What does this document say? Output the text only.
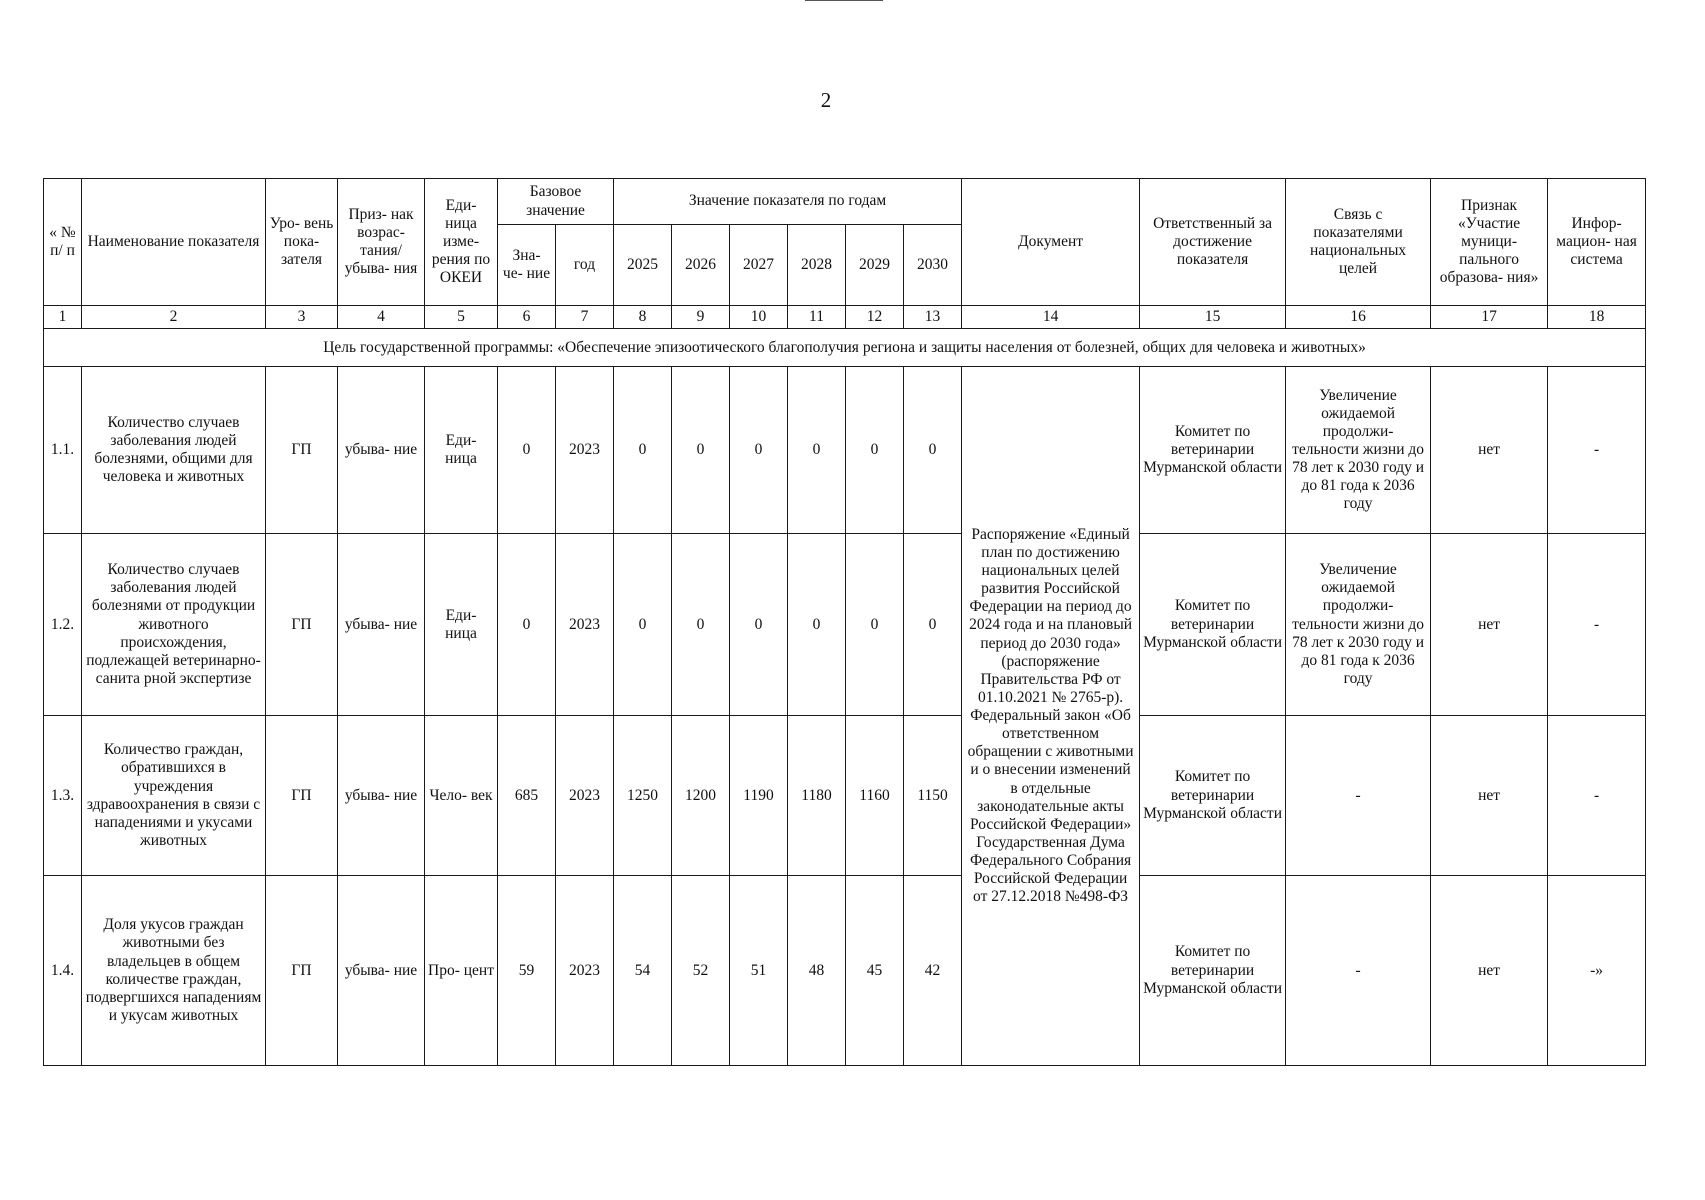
2
« № п/ п	Наименование показателя	Уро- вень пока- зателя	Приз- нак возрас- тания/ убыва- ния	Еди- ница изме- рения по ОКЕИ	Базовое значение		Значение показателя по годам						Документ	Ответственный за достижение показателя	Связь с показателями национальных целей	Признак «Участие муници- пального образова- ния»	Инфор- мацион- ная система
					Зна- че- ние	год	2025	2026	2027	2028	2029	2030					
1	2	3	4	5	6	7	8	9	10	11	12	13	14	15	16	17	18
Цель государственной программы: «Обеспечение эпизоотического благополучия региона и защиты населения от болезней, общих для человека и животных»																	
1.1.	Количество случаев заболевания людей болезнями, общими для человека и животных	ГП	убыва- ние	Еди- ница	0	2023	0	0	0	0	0	0	Распоряжение «Единый план по достижению национальных целей развития Российской Федерации на период до 2024 года и на плановый период до 2030 года» (распоряжение Правительства РФ от 01.10.2021 № 2765-р). Федеральный закон «Об ответственном обращении с животными и о внесении изменений в отдельные законодательные акты Российской Федерации» Государственная Дума Федерального Собрания Российской Федерации от 27.12.2018 №498-ФЗ	Комитет по ветеринарии Мурманской области	Увеличение ожидаемой продолжи- тельности жизни до 78 лет к 2030 году и до 81 года к 2036 году	нет	-
1.2.	Количество случаев заболевания людей болезнями от продукции животного происхождения, подлежащей ветеринарно-санита рной экспертизе	ГП	убыва- ние	Еди- ница	0	2023	0	0	0	0	0	0		Комитет по ветеринарии Мурманской области	Увеличение ожидаемой продолжи- тельности жизни до 78 лет к 2030 году и до 81 года к 2036 году	нет	-
1.3.	Количество граждан, обратившихся в учреждения здравоохранения в связи с нападениями и укусами животных	ГП	убыва- ние	Чело- век	685	2023	1250	1200	1190	1180	1160	1150		Комитет по ветеринарии Мурманской области	-	нет	-
1.4.	Доля укусов граждан животными без владельцев в общем количестве граждан, подвергшихся нападениям и укусам животных	ГП	убыва- ние	Про- цент	59	2023	54	52	51	48	45	42		Комитет по ветеринарии Мурманской области	-	нет	-»
